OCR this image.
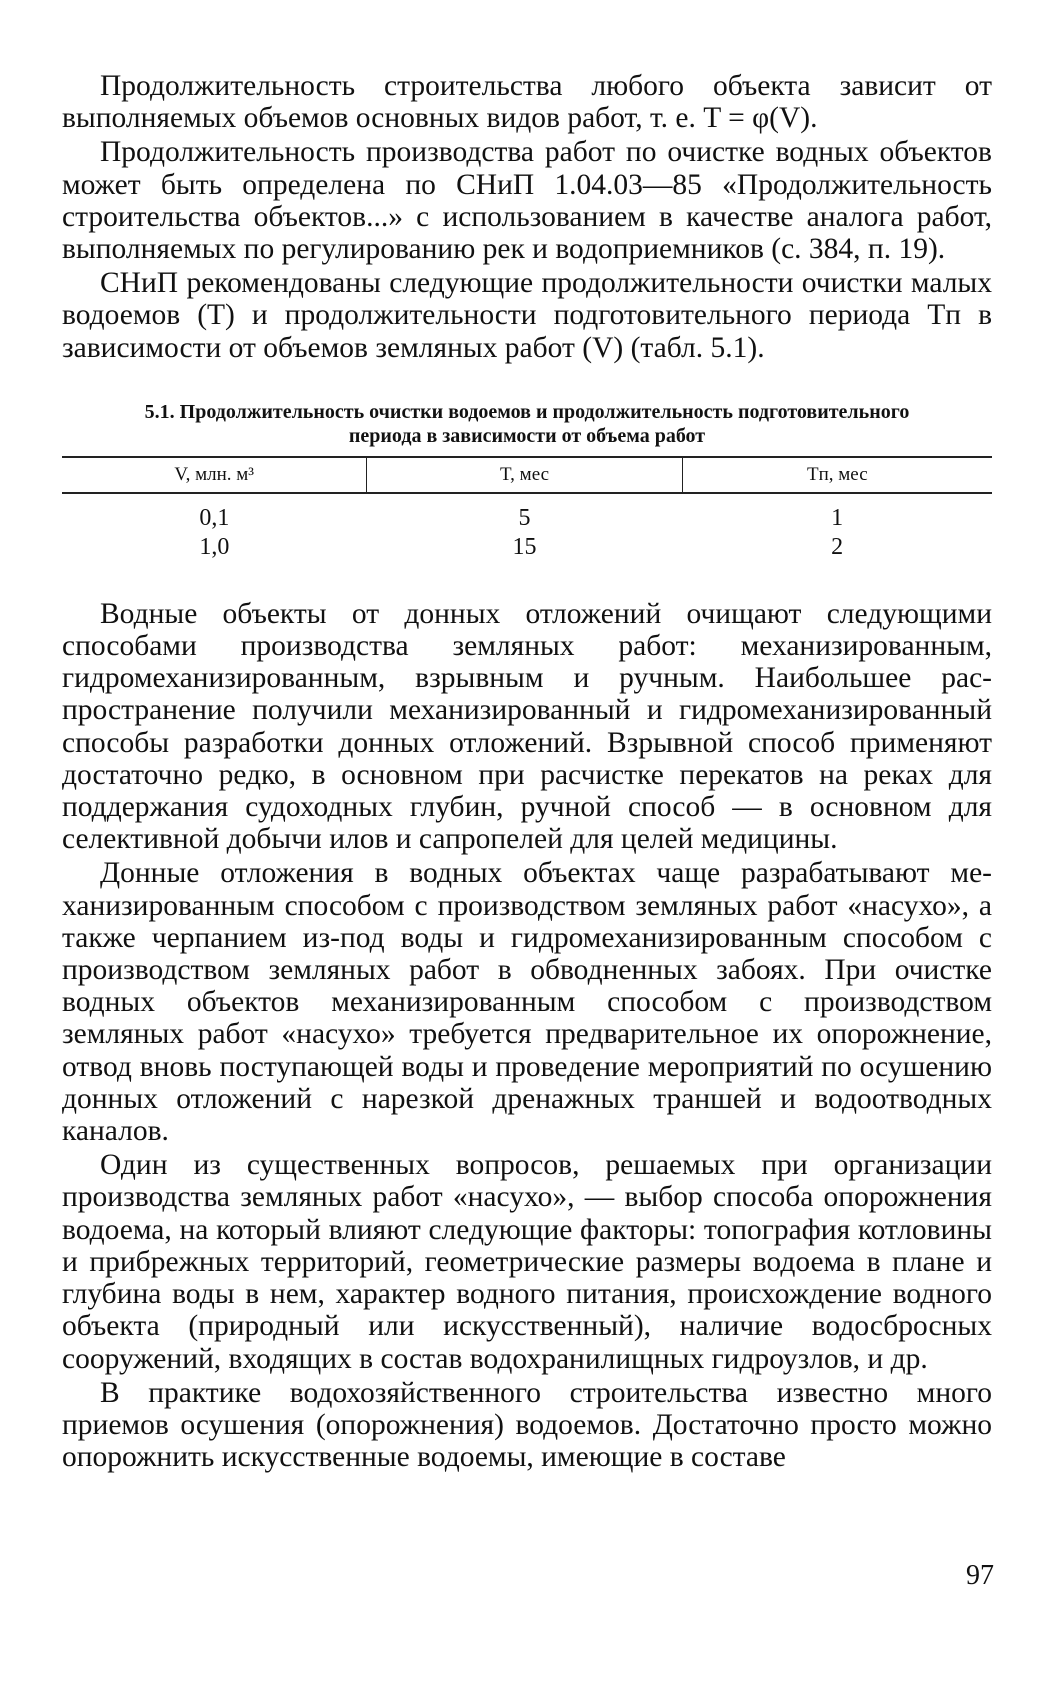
Продолжительность строительства любого объекта зависит от выполняемых объемов основных видов работ, т. е. T = φ(V).

Продолжительность производства работ по очистке водных объектов может быть определена по СНиП 1.04.03—85 «Продолжительность строительства объектов...» с использованием в качестве аналога работ, выполняемых по регулированию рек и водоприемников (с. 384, п. 19).

СНиП рекомендованы следующие продолжительности очистки малых водоемов (T) и продолжительности подготовительного периода Tп в зависимости от объемов земляных работ (V) (табл. 5.1).

5.1. Продолжительность очистки водоемов и продолжительность подготовительного
периода в зависимости от объема работ
V, млн. м³	T, мес	Tп, мес
0,1	5	1
1,0	15	2

Водные объекты от донных отложений очищают следующими способами производства земляных работ: механизированным, гидромеханизированным, взрывным и ручным. Наибольшее распространение получили механизированный и гидромеханизированный способы разработки донных отложений. Взрывной способ применяют достаточно редко, в основном при расчистке перекатов на реках для поддержания судоходных глубин, ручной способ — в основном для селективной добычи илов и сапропелей для целей медицины.

Донные отложения в водных объектах чаще разрабатывают механизированным способом с производством земляных работ «насухо», а также черпанием из-под воды и гидромеханизированным способом с производством земляных работ в обводненных забоях. При очистке водных объектов механизированным способом с производством земляных работ «насухо» требуется предварительное их опорожнение, отвод вновь поступающей воды и проведение мероприятий по осушению донных отложений с нарезкой дренажных траншей и водоотводных каналов.

Один из существенных вопросов, решаемых при организации производства земляных работ «насухо», — выбор способа опорожнения водоема, на который влияют следующие факторы: топография котловины и прибрежных территорий, геометрические размеры водоема в плане и глубина воды в нем, характер водного питания, происхождение водного объекта (природный или искусственный), наличие водосбросных сооружений, входящих в состав водохранилищных гидроузлов, и др.

В практике водохозяйственного строительства известно много приемов осушения (опорожнения) водоемов. Достаточно просто можно опорожнить искусственные водоемы, имеющие в составе

97
